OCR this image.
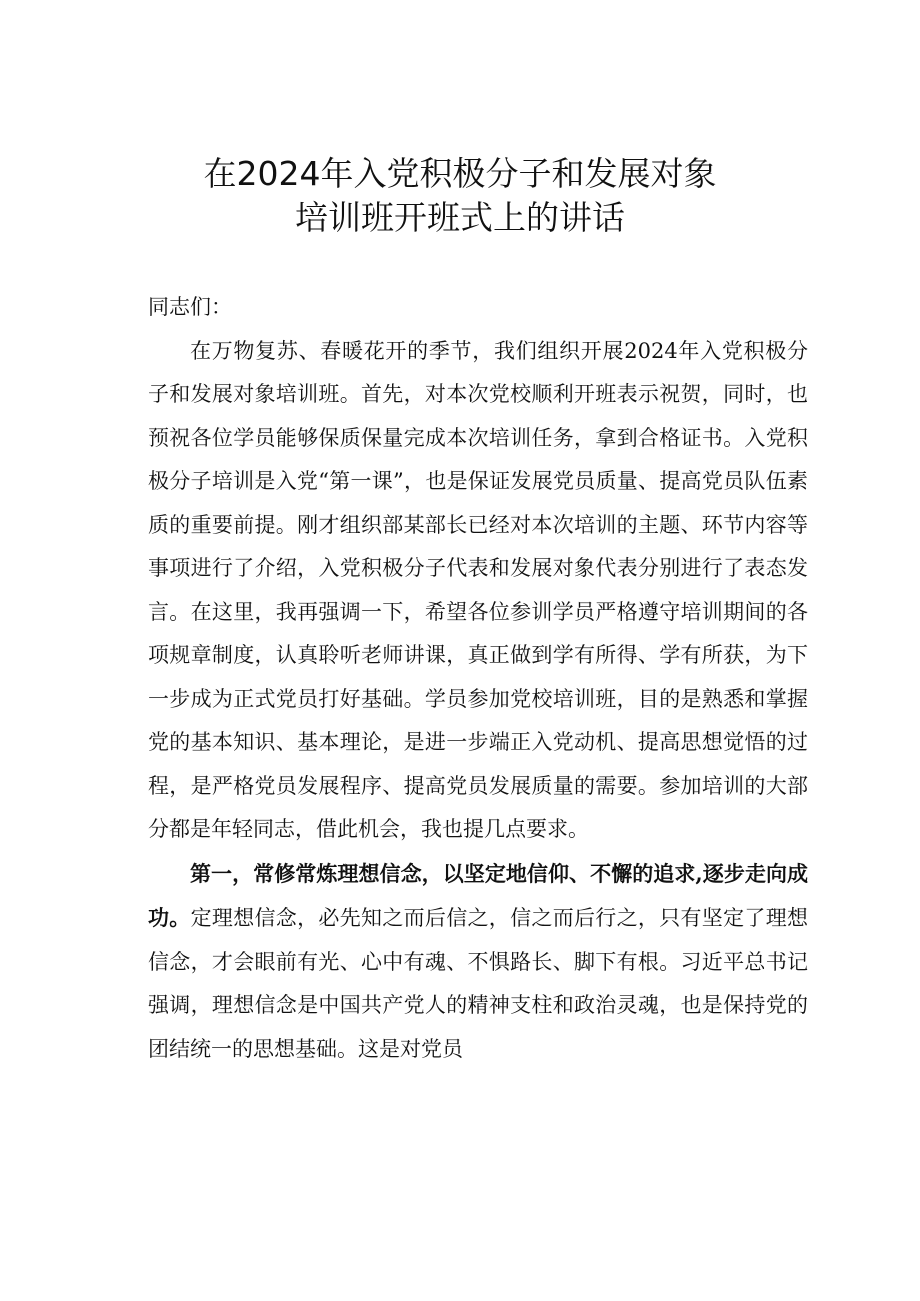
在2024年入党积极分子和发展对象
培训班开班式上的讲话

同志们：

在万物复苏、春暖花开的季节，我们组织开展2024年入党积极分子和发展对象培训班。首先，对本次党校顺利开班表示祝贺，同时，也预祝各位学员能够保质保量完成本次培训任务，拿到合格证书。入党积极分子培训是入党“第一课”，也是保证发展党员质量、提高党员队伍素质的重要前提。刚才组织部某部长已经对本次培训的主题、环节内容等事项进行了介绍，入党积极分子代表和发展对象代表分别进行了表态发言。在这里，我再强调一下，希望各位参训学员严格遵守培训期间的各项规章制度，认真聆听老师讲课，真正做到学有所得、学有所获，为下一步成为正式党员打好基础。学员参加党校培训班，目的是熟悉和掌握党的基本知识、基本理论，是进一步端正入党动机、提高思想觉悟的过程，是严格党员发展程序、提高党员发展质量的需要。参加培训的大部分都是年轻同志，借此机会，我也提几点要求。

第一，常修常炼理想信念，以坚定地信仰、不懈的追求,逐步走向成功。定理想信念，必先知之而后信之，信之而后行之，只有坚定了理想信念，才会眼前有光、心中有魂、不惧路长、脚下有根。习近平总书记强调，理想信念是中国共产党人的精神支柱和政治灵魂，也是保持党的团结统一的思想基础。这是对党员
